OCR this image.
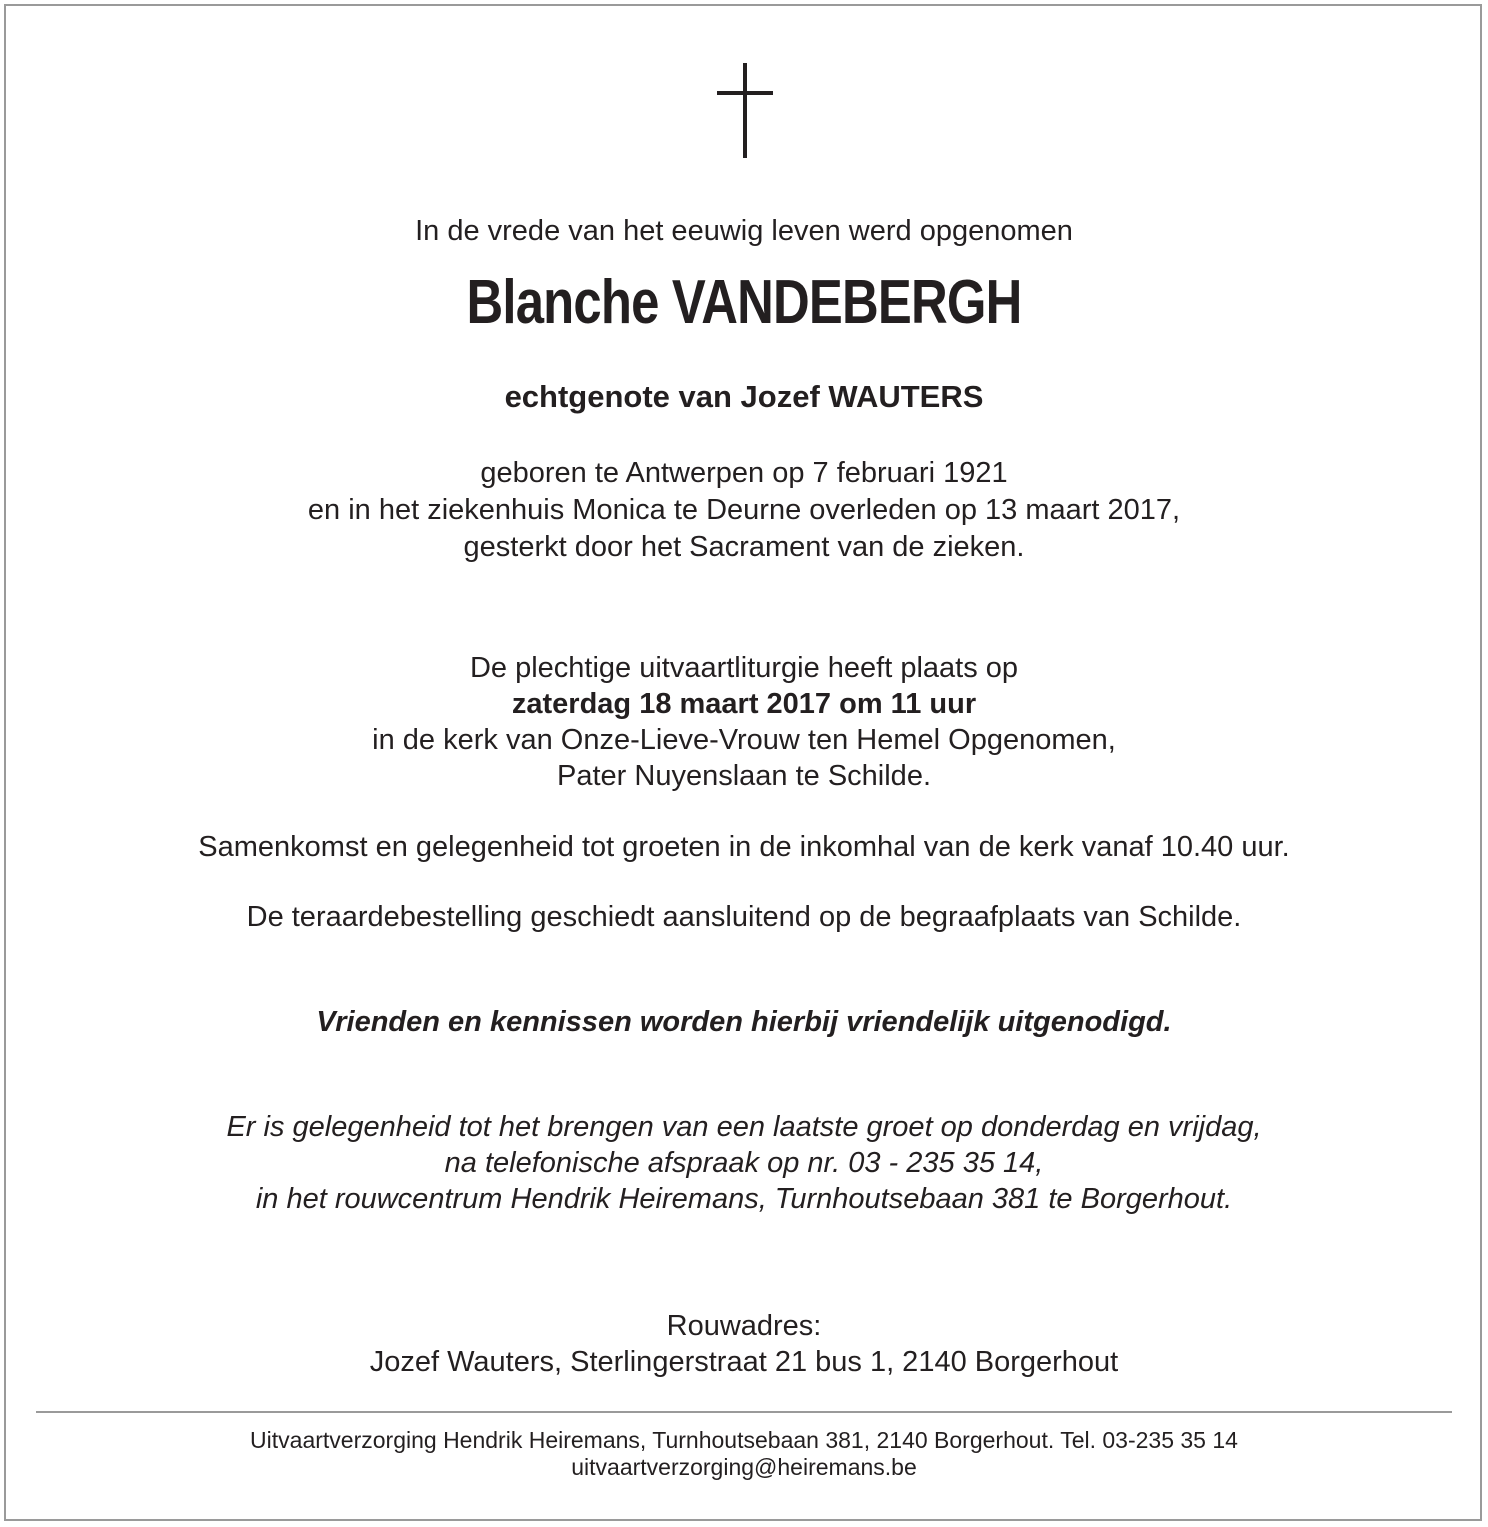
In de vrede van het eeuwig leven werd opgenomen
Blanche VANDEBERGH
echtgenote van Jozef WAUTERS
geboren te Antwerpen op 7 februari 1921
en in het ziekenhuis Monica te Deurne overleden op 13 maart 2017,
gesterkt door het Sacrament van de zieken.
De plechtige uitvaartliturgie heeft plaats op
zaterdag 18 maart 2017 om 11 uur
in de kerk van Onze-Lieve-Vrouw ten Hemel Opgenomen,
Pater Nuyenslaan te Schilde.
Samenkomst en gelegenheid tot groeten in de inkomhal van de kerk vanaf 10.40 uur.
De teraardebestelling geschiedt aansluitend op de begraafplaats van Schilde.
Vrienden en kennissen worden hierbij vriendelijk uitgenodigd.
Er is gelegenheid tot het brengen van een laatste groet op donderdag en vrijdag,
na telefonische afspraak op nr. 03 - 235 35 14,
in het rouwcentrum Hendrik Heiremans, Turnhoutsebaan 381 te Borgerhout.
Rouwadres:
Jozef Wauters, Sterlingerstraat 21 bus 1, 2140 Borgerhout
Uitvaartverzorging Hendrik Heiremans, Turnhoutsebaan 381, 2140 Borgerhout. Tel. 03-235 35 14
uitvaartverzorging@heiremans.be
